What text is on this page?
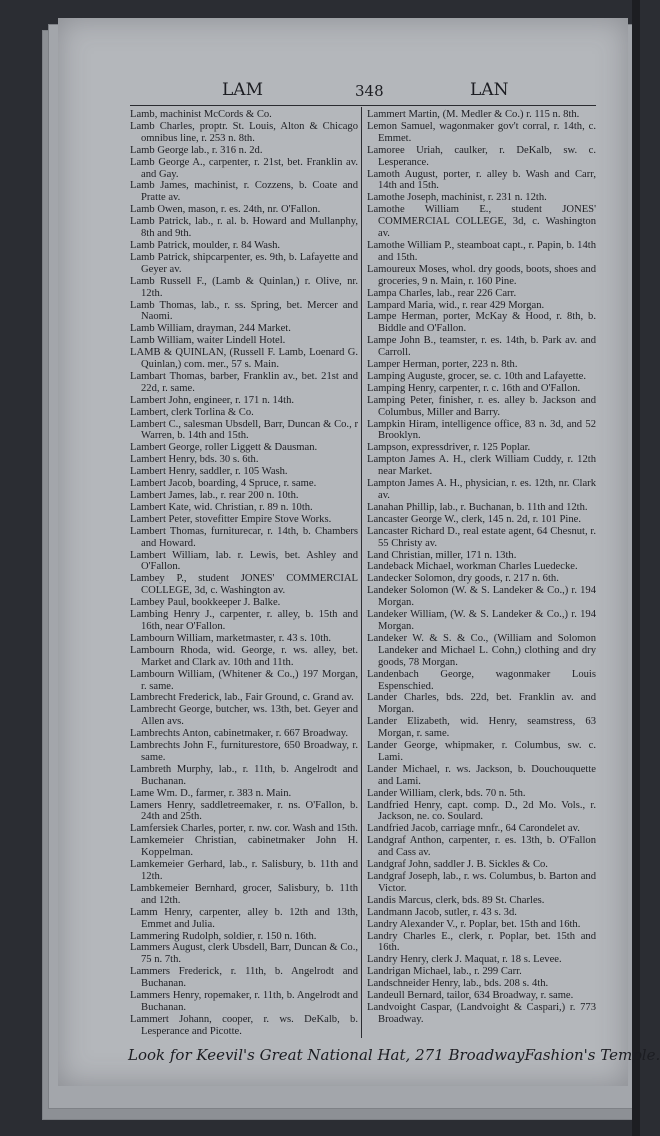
LAM	348	LAN
Lamb, machinist McCords & Co.
Lamb Charles, proptr. St. Louis, Alton & Chicago omnibus line, r. 253 n. 8th.
Lamb George lab., r. 316 n. 2d.
Lamb George A., carpenter, r. 21st, bet. Franklin av. and Gay.
Lamb James, machinist, r. Cozzens, b. Coate and Pratte av.
Lamb Owen, mason, r. es. 24th, nr. O'Fallon.
Lamb Patrick, lab., r. al. b. Howard and Mullanphy, 8th and 9th.
Lamb Patrick, moulder, r. 84 Wash.
Lamb Patrick, shipcarpenter, es. 9th, b. Lafayette and Geyer av.
Lamb Russell F., (Lamb & Quinlan,) r. Olive, nr. 12th.
Lamb Thomas, lab., r. ss. Spring, bet. Mercer and Naomi.
Lamb William, drayman, 244 Market.
Lamb William, waiter Lindell Hotel.
LAMB & QUINLAN, (Russell F. Lamb, Loenard G. Quinlan,) com. mer., 57 s. Main.
Lambart Thomas, barber, Franklin av., bet. 21st and 22d, r. same.
Lambert John, engineer, r. 171 n. 14th.
Lambert, clerk Torlina & Co.
Lambert C., salesman Ubsdell, Barr, Duncan & Co., r Warren, b. 14th and 15th.
Lambert George, roller Liggett & Dausman.
Lambert Henry, bds. 30 s. 6th.
Lambert Henry, saddler, r. 105 Wash.
Lambert Jacob, boarding, 4 Spruce, r. same.
Lambert James, lab., r. rear 200 n. 10th.
Lambert Kate, wid. Christian, r. 89 n. 10th.
Lambert Peter, stovefitter Empire Stove Works.
Lambert Thomas, furniturecar, r. 14th, b. Chambers and Howard.
Lambert William, lab. r. Lewis, bet. Ashley and O'Fallon.
Lambey P., student JONES' COMMERCIAL COLLEGE, 3d, c. Washington av.
Lambey Paul, bookkeeper J. Balke.
Lambing Henry J., carpenter, r. alley, b. 15th and 16th, near O'Fallon.
Lambourn William, marketmaster, r. 43 s. 10th.
Lambourn Rhoda, wid. George, r. ws. alley, bet. Market and Clark av. 10th and 11th.
Lambourn William, (Whitener & Co.,) 197 Morgan, r. same.
Lambrecht Frederick, lab., Fair Ground, c. Grand av.
Lambrecht George, butcher, ws. 13th, bet. Geyer and Allen avs.
Lambrechts Anton, cabinetmaker, r. 667 Broadway.
Lambrechts John F., furniturestore, 650 Broadway, r. same.
Lambreth Murphy, lab., r. 11th, b. Angelrodt and Buchanan.
Lame Wm. D., farmer, r. 383 n. Main.
Lamers Henry, saddletreemaker, r. ns. O'Fallon, b. 24th and 25th.
Lamfersiek Charles, porter, r. nw. cor. Wash and 15th.
Lamkemeier Christian, cabinetmaker John H. Koppelman.
Lamkemeier Gerhard, lab., r. Salisbury, b. 11th and 12th.
Lambkemeier Bernhard, grocer, Salisbury, b. 11th and 12th.
Lamm Henry, carpenter, alley b. 12th and 13th, Emmet and Julia.
Lammering Rudolph, soldier, r. 150 n. 16th.
Lammers August, clerk Ubsdell, Barr, Duncan & Co., 75 n. 7th.
Lammers Frederick, r. 11th, b. Angelrodt and Buchanan.
Lammers Henry, ropemaker, r. 11th, b. Angelrodt and Buchanan.
Lammert Johann, cooper, r. ws. DeKalb, b. Lesperance and Picotte.
Lammert Martin, (M. Medler & Co.) r. 115 n. 8th.
Lemon Samuel, wagonmaker gov't corral, r. 14th, c. Emmet.
Lamoree Uriah, caulker, r. DeKalb, sw. c. Lesperance.
Lamoth August, porter, r. alley b. Wash and Carr, 14th and 15th.
Lamothe Joseph, machinist, r. 231 n. 12th.
Lamothe William E., student JONES' COMMERCIAL COLLEGE, 3d, c. Washington av.
Lamothe William P., steamboat capt., r. Papin, b. 14th and 15th.
Lamoureux Moses, whol. dry goods, boots, shoes and groceries, 9 n. Main, r. 160 Pine.
Lampa Charles, lab., rear 226 Carr.
Lampard Maria, wid., r. rear 429 Morgan.
Lampe Herman, porter, McKay & Hood, r. 8th, b. Biddle and O'Fallon.
Lampe John B., teamster, r. es. 14th, b. Park av. and Carroll.
Lamper Herman, porter, 223 n. 8th.
Lamping Auguste, grocer, se. c. 10th and Lafayette.
Lamping Henry, carpenter, r. c. 16th and O'Fallon.
Lamping Peter, finisher, r. es. alley b. Jackson and Columbus, Miller and Barry.
Lampkin Hiram, intelligence office, 83 n. 3d, and 52 Brooklyn.
Lampson, expressdriver, r. 125 Poplar.
Lampton James A. H., clerk William Cuddy, r. 12th near Market.
Lampton James A. H., physician, r. es. 12th, nr. Clark av.
Lanahan Phillip, lab., r. Buchanan, b. 11th and 12th.
Lancaster George W., clerk, 145 n. 2d, r. 101 Pine.
Lancaster Richard D., real estate agent, 64 Chesnut, r. 55 Christy av.
Land Christian, miller, 171 n. 13th.
Landeback Michael, workman Charles Luedecke.
Landecker Solomon, dry goods, r. 217 n. 6th.
Landeker Solomon (W. & S. Landeker & Co.,) r. 194 Morgan.
Landeker William, (W. & S. Landeker & Co.,) r. 194 Morgan.
Landeker W. & S. & Co., (William and Solomon Landeker and Michael L. Cohn,) clothing and dry goods, 78 Morgan.
Landenbach George, wagonmaker Louis Espenschied.
Lander Charles, bds. 22d, bet. Franklin av. and Morgan.
Lander Elizabeth, wid. Henry, seamstress, 63 Morgan, r. same.
Lander George, whipmaker, r. Columbus, sw. c. Lami.
Lander Michael, r. ws. Jackson, b. Douchouquette and Lami.
Lander William, clerk, bds. 70 n. 5th.
Landfried Henry, capt. comp. D., 2d Mo. Vols., r. Jackson, ne. co. Soulard.
Landfried Jacob, carriage mnfr., 64 Carondelet av.
Landgraf Anthon, carpenter, r. es. 13th, b. O'Fallon and Cass av.
Landgraf John, saddler J. B. Sickles & Co.
Landgraf Joseph, lab., r. ws. Columbus, b. Barton and Victor.
Landis Marcus, clerk, bds. 89 St. Charles.
Landmann Jacob, sutler, r. 43 s. 3d.
Landry Alexander V., r. Poplar, bet. 15th and 16th.
Landry Charles E., clerk, r. Poplar, bet. 15th and 16th.
Landry Henry, clerk J. Maquat, r. 18 s. Levee.
Landrigan Michael, lab., r. 299 Carr.
Landschneider Henry, lab., bds. 208 s. 4th.
Landeull Bernard, tailor, 634 Broadway, r. same.
Landvoight Caspar, (Landvoight & Caspari,) r. 773 Broadway.
Look for Keevil's Great National Hat, 271 Broadway Fashion's Temple.
